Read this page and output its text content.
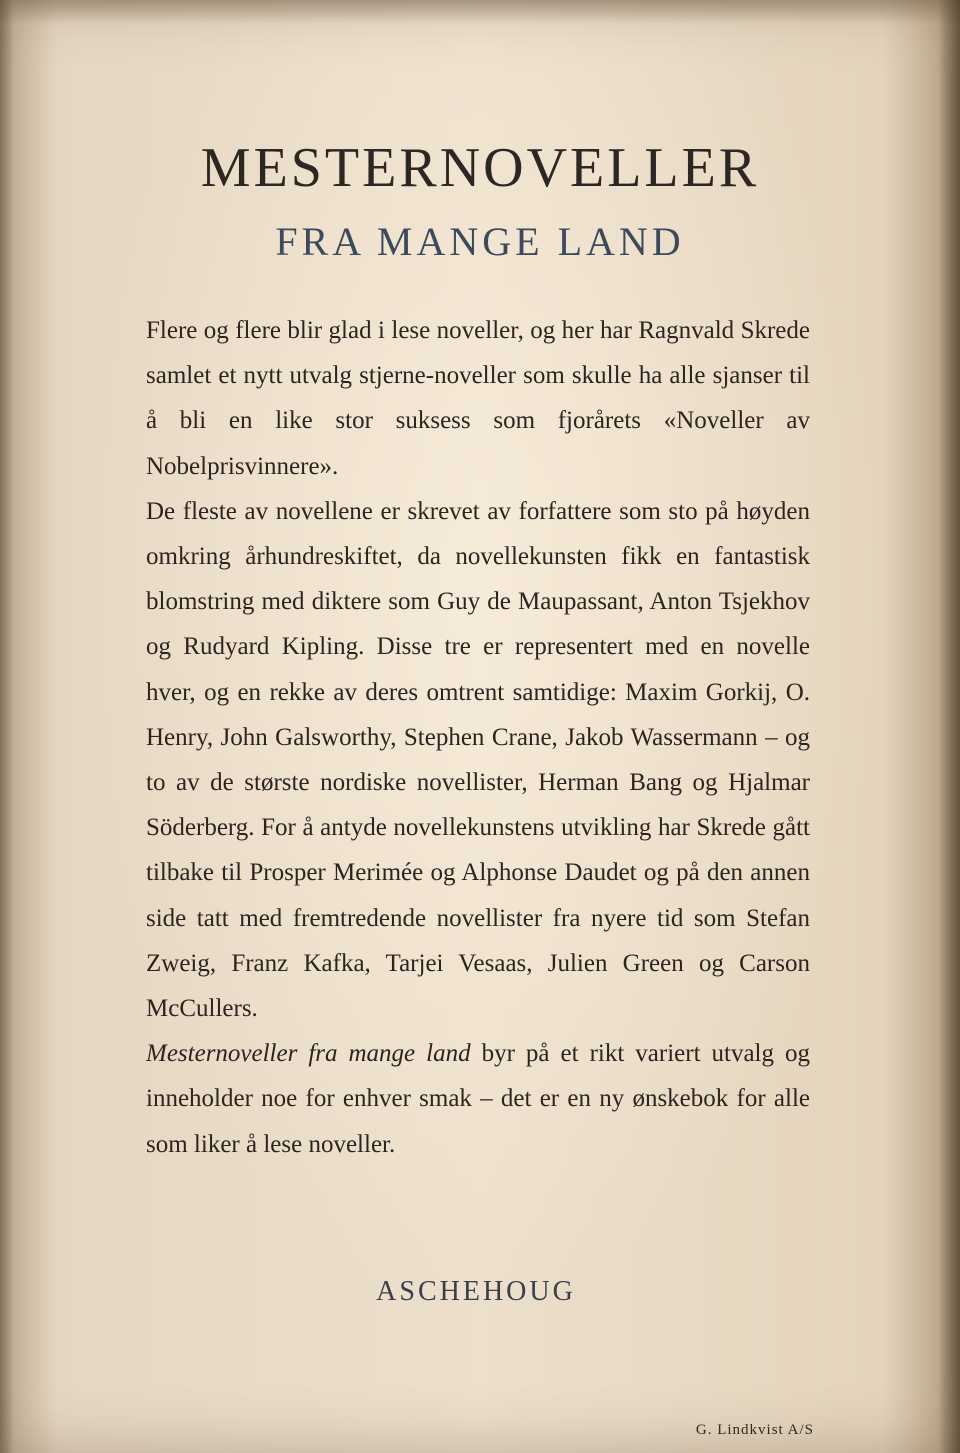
MESTERNOVELLER
FRA MANGE LAND

Flere og flere blir glad i lese noveller, og her har Ragnvald Skrede samlet et nytt utvalg stjerne-noveller som skulle ha alle sjanser til å bli en like stor suksess som fjorårets «Noveller av Nobelprisvinnere».

De fleste av novellene er skrevet av forfattere som sto på høyden omkring århundreskiftet, da novellekunsten fikk en fantastisk blomstring med diktere som Guy de Maupassant, Anton Tsjekhov og Rudyard Kipling. Disse tre er representert med en novelle hver, og en rekke av deres omtrent samtidige: Maxim Gorkij, O. Henry, John Galsworthy, Stephen Crane, Jakob Wassermann – og to av de største nordiske novellister, Herman Bang og Hjalmar Söderberg. For å antyde novellekunstens utvikling har Skrede gått tilbake til Prosper Merimée og Alphonse Daudet og på den annen side tatt med fremtredende novellister fra nyere tid som Stefan Zweig, Franz Kafka, Tarjei Vesaas, Julien Green og Carson McCullers.

Mesternoveller fra mange land byr på et rikt variert utvalg og inneholder noe for enhver smak – det er en ny ønskebok for alle som liker å lese noveller.

ASCHEHOUG
G. Lindkvist A/S
